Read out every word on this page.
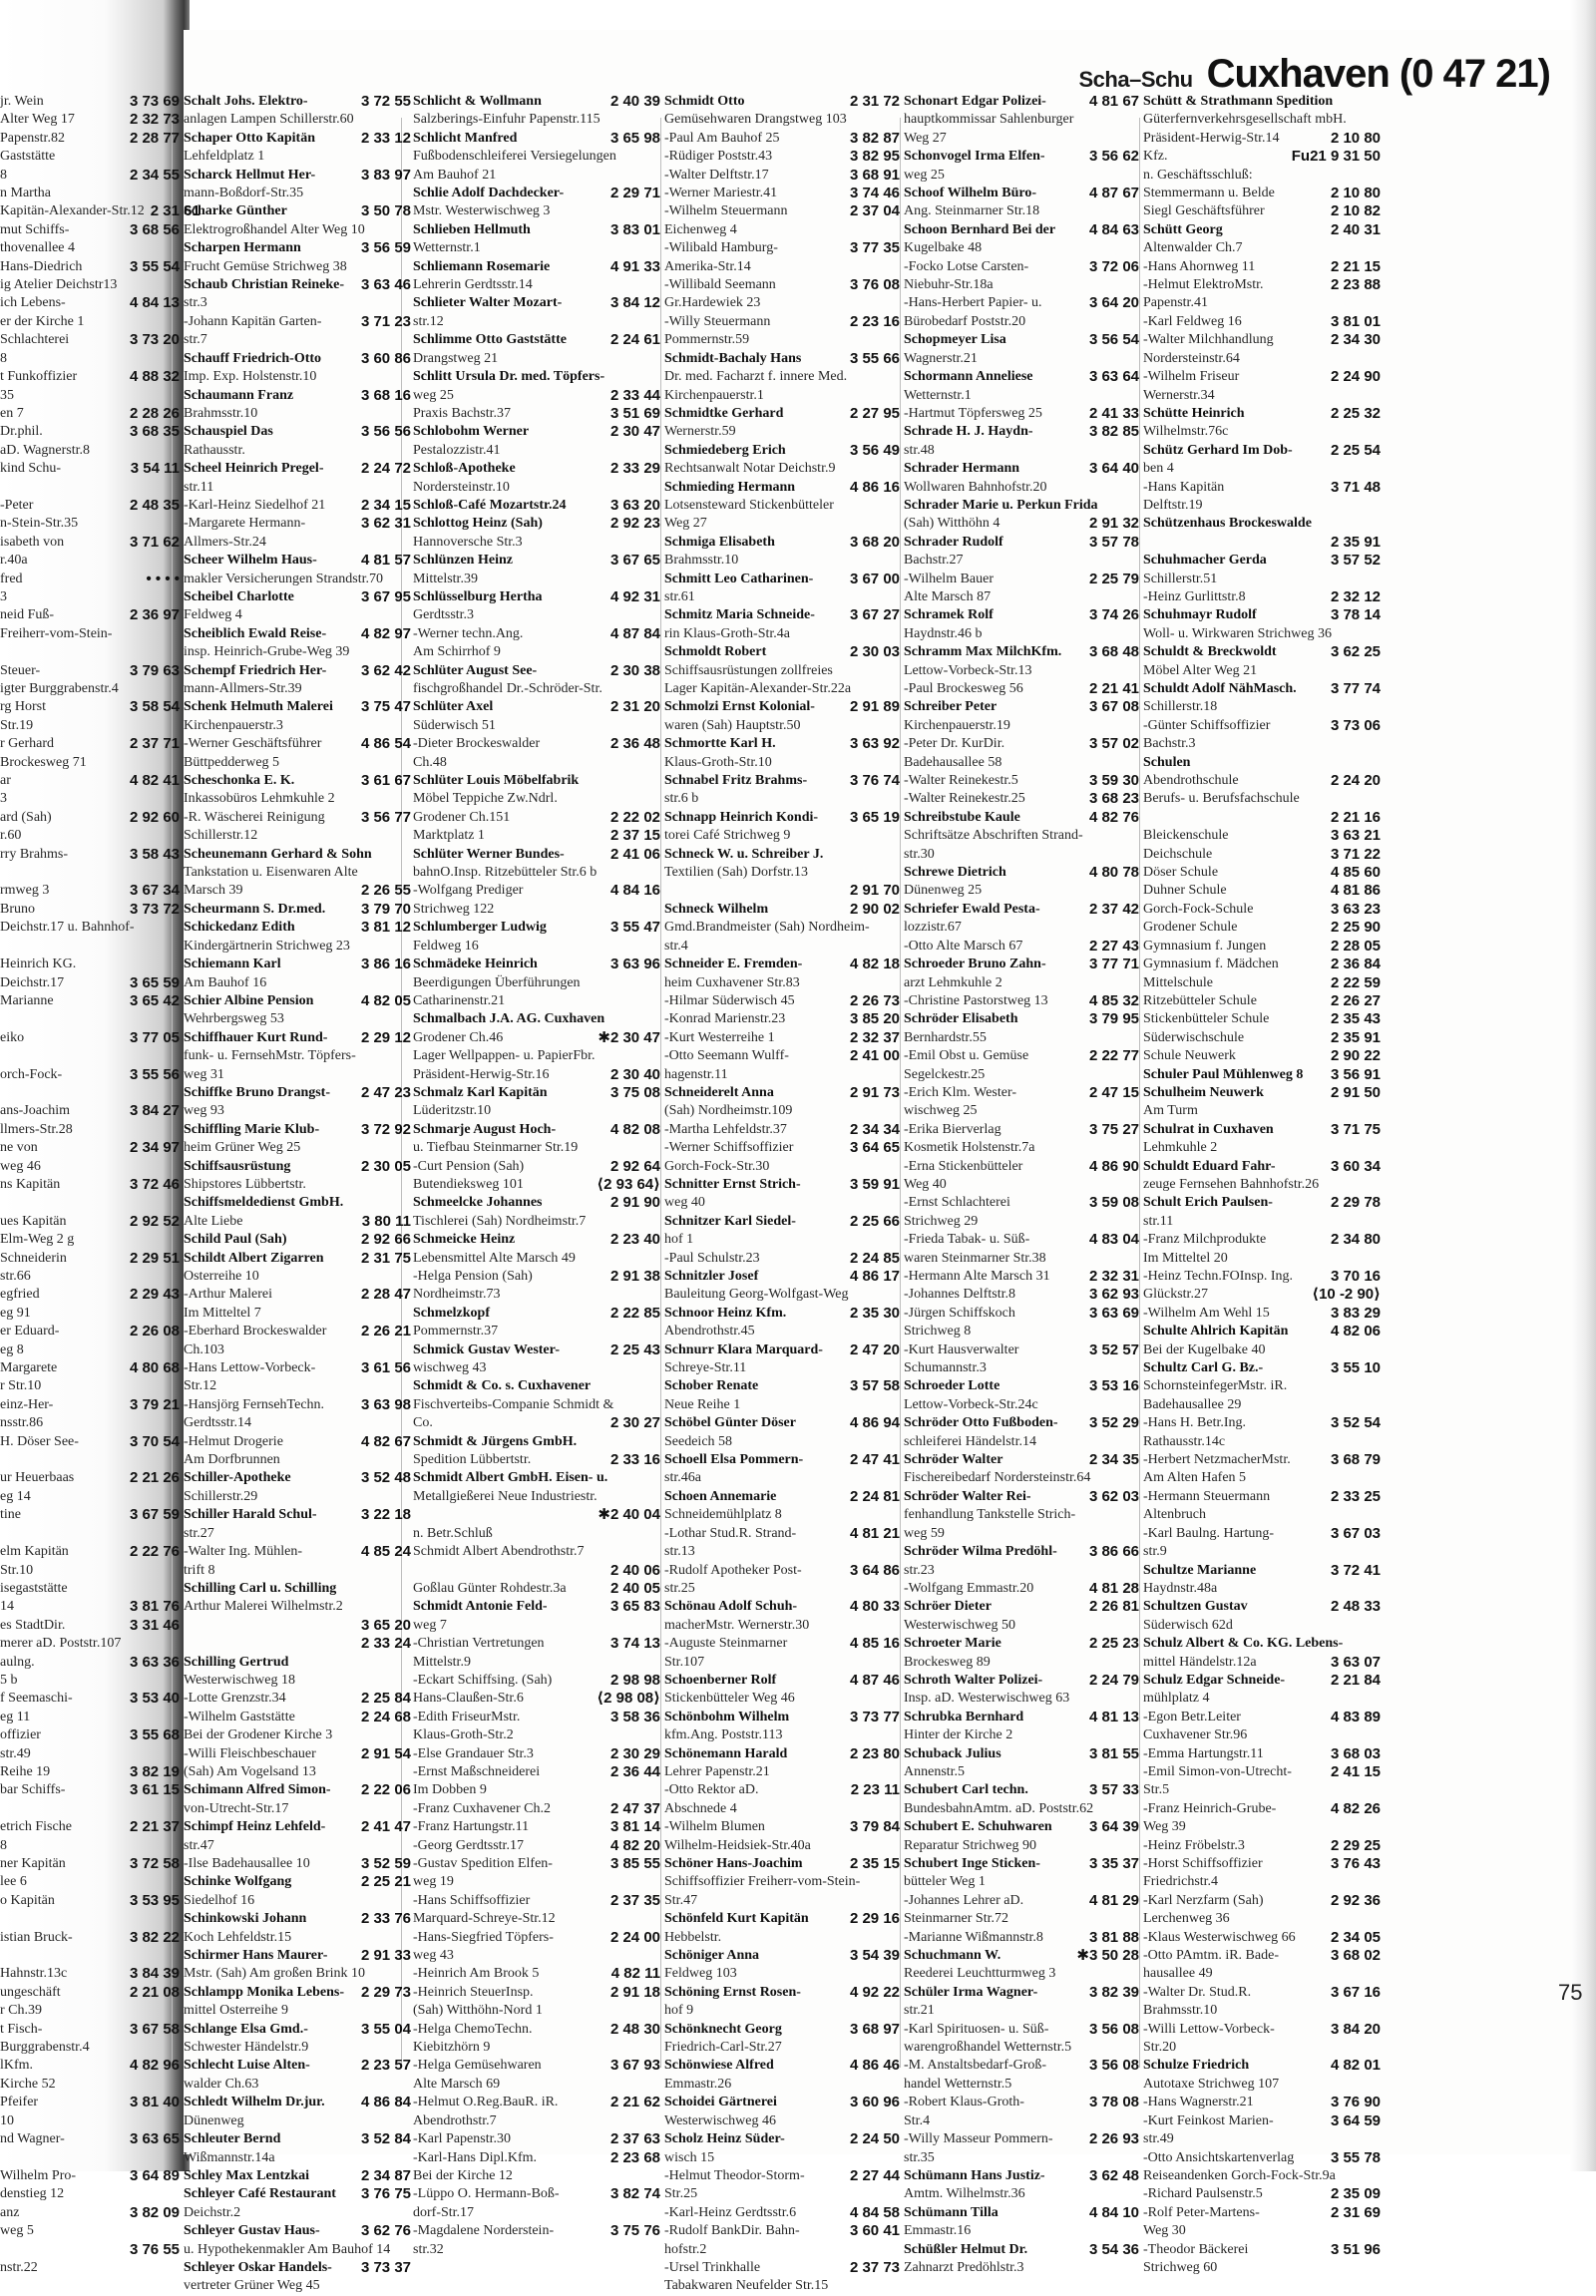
Scha–Schu Cuxhaven (0 47 21)
75
jr. Wein	3 73 69
Alter Weg 17	2 32 73
Papenstr.82	2 28 77
Gaststätte
8	2 34 55
n Martha
Kapitän-Alexander-Str.12 2 31 61
mut Schiffs-	3 68 56
thovenallee 4
Hans-Diedrich	3 55 54
ig Atelier Deichstr13
ich Lebens-	4 84 13
er der Kirche 1
Schlachterei	3 73 20
8
t Funkoffizier	4 88 32
35
en 7	2 28 26
Dr.phil.	3 68 35
aD. Wagnerstr.8
kind Schu-	3 54 11

-Peter	2 48 35
n-Stein-Str.35
isabeth von	3 71 62
r.40a
fred	• • • •
3
neid Fuß-	2 36 97
Freiherr-vom-Stein-

Steuer-	3 79 63
igter Burggrabenstr.4
rg Horst	3 58 54
Str.19
r Gerhard	2 37 71
Brockesweg 71
ar	4 82 41
3
ard (Sah)	2 92 60
r.60
rry Brahms-	3 58 43

rmweg 3	3 67 34
Bruno	3 73 72
Deichstr.17 u. Bahnhof-

Heinrich KG.
Deichstr.17	3 65 59
Marianne	3 65 42

eiko	3 77 05

orch-Fock-	3 55 56

ans-Joachim	3 84 27
llmers-Str.28
ne von	2 34 97
weg 46
ns Kapitän	3 72 46

ues Kapitän	2 92 52
Elm-Weg 2 g
Schneiderin	2 29 51
str.66
egfried	2 29 43
eg 91
er Eduard-	2 26 08
eg 8
Margarete	4 80 68
r Str.10
einz-Her-	3 79 21
nsstr.86
H. Döser See-	3 70 54

ur Heuerbaas	2 21 26
eg 14
tine	3 67 59

elm Kapitän	2 22 76
Str.10
isegaststätte
14	3 81 76
es StadtDir.	3 31 46
merer aD. Poststr.107
aulng.	3 63 36
5 b
f Seemaschi-	3 53 40
eg 11
offizier	3 55 68
str.49
Reihe 19	3 82 19
bar Schiffs-	3 61 15

etrich Fische	2 21 37
8
ner Kapitän	3 72 58
lee 6
o Kapitän	3 53 95

istian Bruck-	3 82 22

Hahnstr.13c	3 84 39
ungeschäft	2 21 08
r Ch.39
t Fisch-	3 67 58
Burggrabenstr.4
lKfm.	4 82 96
Kirche 52
Pfeifer	3 81 40
10
nd Wagner-	3 63 65

Wilhelm Pro-	3 64 89
denstieg 12
anz	3 82 09
weg 5

3 76 55
nstr.22
Schalt Johs. Elektro-	3 72 55
anlagen Lampen Schillerstr.60
Schaper Otto Kapitän	2 33 12
Lehfeldplatz 1
Scharck Hellmut Her-	3 83 97
mann-Boßdorf-Str.35
Scharke Günther	3 50 78
Elektrogroßhandel Alter Weg 10
Scharpen Hermann	3 56 59
Frucht Gemüse Strichweg 38
Schaub Christian Reineke-	3 63 46
str.3
-Johann Kapitän Garten-	3 71 23
str.7
Schauff Friedrich-Otto	3 60 86
Imp. Exp. Holstenstr.10
Schaumann Franz	3 68 16
Brahmsstr.10
Schauspiel Das	3 56 56
Rathausstr.
Scheel Heinrich Pregel-	2 24 72
str.11
-Karl-Heinz Siedelhof 21	2 34 15
-Margarete Hermann-	3 62 31
Allmers-Str.24
Scheer Wilhelm Haus-	4 81 57
makler Versicherungen Strandstr.70
Scheibel Charlotte	3 67 95
Feldweg 4
Scheiblich Ewald Reise-	4 82 97
insp. Heinrich-Grube-Weg 39
Schempf Friedrich Her-	3 62 42
mann-Allmers-Str.39
Schenk Helmuth Malerei	3 75 47
Kirchenpauerstr.3
-Werner Geschäftsführer	4 86 54
Büttpedderweg 5
Scheschonka E. K.	3 61 67
Inkassobüros Lehmkuhle 2
-R. Wäscherei Reinigung	3 56 77
Schillerstr.12
Scheunemann Gerhard & Sohn
Tankstation u. Eisenwaren Alte
Marsch 39	2 26 55
Scheurmann S. Dr.med.	3 79 70
Schickedanz Edith	3 81 12
Kindergärtnerin Strichweg 23
Schiemann Karl	3 86 16
Am Bauhof 16
Schier Albine Pension	4 82 05
Wehrbergsweg 53
Schiffhauer Kurt Rund-	2 29 12
funk- u. FernsehMstr. Töpfers-
weg 31
Schiffke Bruno Drangst-	2 47 23
weg 93
Schiffling Marie Klub-	3 72 92
heim Grüner Weg 25
Schiffsausrüstung	2 30 05
Shipstores Lübbertstr.
Schiffsmeldedienst GmbH.
Alte Liebe	3 80 11
Schild Paul (Sah)	2 92 66
Schildt Albert Zigarren	2 31 75
Osterreihe 10
-Arthur Malerei	2 28 47
Im Mitteltel 7
-Eberhard Brockeswalder	2 26 21
Ch.103
-Hans Lettow-Vorbeck-	3 61 56
Str.12
-Hansjörg FernsehTechn.	3 63 98
Gerdtsstr.14
-Helmut Drogerie	4 82 67
Am Dorfbrunnen
Schiller-Apotheke	3 52 48
Schillerstr.29
Schiller Harald Schul-	3 22 18
str.27
-Walter Ing. Mühlen-	4 85 24
trift 8
Schilling Carl u. Schilling
Arthur Malerei Wilhelmstr.2

3 65 20

2 33 24
Schilling Gertrud
Westerwischweg 18
-Lotte Grenzstr.34	2 25 84
-Wilhelm Gaststätte	2 24 68
Bei der Grodener Kirche 3
-Willi Fleischbeschauer	2 91 54
(Sah) Am Vogelsand 13
Schimann Alfred Simon-	2 22 06
von-Utrecht-Str.17
Schimpf Heinz Lehfeld-	2 41 47
str.47
-Ilse Badehausallee 10	3 52 59
Schinke Wolfgang	2 25 21
Siedelhof 16
Schinkowski Johann	2 33 76
Koch Lehfeldstr.15
Schirmer Hans Maurer-	2 91 33
Mstr. (Sah) Am großen Brink 10
Schlampp Monika Lebens-	2 29 73
mittel Osterreihe 9
Schlange Elsa Gmd.-	3 55 04
Schwester Händelstr.9
Schlecht Luise Alten-	2 23 57
walder Ch.63
Schledt Wilhelm Dr.jur.	4 86 84
Dünenweg
Schleuter Bernd	3 52 84
Wißmannstr.14a
Schley Max Lentzkai	2 34 87
Schleyer Café Restaurant	3 76 75
Deichstr.2
Schleyer Gustav Haus-	3 62 76
u. Hypothekenmakler Am Bauhof 14
Schleyer Oskar Handels-	3 73 37
vertreter Grüner Weg 45
Schlicht & Wollmann	2 40 39
Salzberings-Einfuhr Papenstr.115
Schlicht Manfred	3 65 98
Fußbodenschleiferei Versiegelungen
Am Bauhof 21
Schlie Adolf Dachdecker-	2 29 71
Mstr. Westerwischweg 3
Schlieben Hellmuth	3 83 01
Wetternstr.1
Schliemann Rosemarie	4 91 33
Lehrerin Gerdtsstr.14
Schlieter Walter Mozart-	3 84 12
str.12
Schlimme Otto Gaststätte	2 24 61
Drangstweg 21
Schlitt Ursula Dr. med. Töpfers-
weg 25	2 33 44
Praxis Bachstr.37	3 51 69
Schlobohm Werner	2 30 47
Pestalozzistr.41
Schloß-Apotheke	2 33 29
Nordersteinstr.10
Schloß-Café Mozartstr.24	3 63 20
Schlottog Heinz (Sah)	2 92 23
Hannoversche Str.3
Schlünzen Heinz	3 67 65
Mittelstr.39
Schlüsselburg Hertha	4 92 31
Gerdtsstr.3
-Werner techn.Ang.	4 87 84
Am Schirrhof 9
Schlüter August See-	2 30 38
fischgroßhandel Dr.-Schröder-Str.
Schlüter Axel	2 31 20
Süderwisch 51
-Dieter Brockeswalder	2 36 48
Ch.48
Schlüter Louis Möbelfabrik
Möbel Teppiche Zw.Ndrl.
Grodener Ch.151	2 22 02
Marktplatz 1	2 37 15
Schlüter Werner Bundes-	2 41 06
bahnO.Insp. Ritzebütteler Str.6 b
-Wolfgang Prediger	4 84 16
Strichweg 122
Schlumberger Ludwig	3 55 47
Feldweg 16
Schmädeke Heinrich	3 63 96
Beerdigungen Überführungen
Catharinenstr.21
Schmalbach J.A. AG. Cuxhaven
Grodener Ch.46	✱2 30 47
Lager Wellpappen- u. PapierFbr.
Präsident-Herwig-Str.16	2 30 40
Schmalz Karl Kapitän	3 75 08
Lüderitzstr.10
Schmarje August Hoch-	4 82 08
u. Tiefbau Steinmarner Str.19
-Curt Pension (Sah)	2 92 64
Butendieksweg 101	⟨2 93 64⟩
Schmeelcke Johannes	2 91 90
Tischlerei (Sah) Nordheimstr.7
Schmeicke Heinz	2 23 40
Lebensmittel Alte Marsch 49
-Helga Pension (Sah)	2 91 38
Nordheimstr.73
Schmelzkopf	2 22 85
Pommernstr.37
Schmick Gustav Wester-	2 25 43
wischweg 43
Schmidt & Co. s. Cuxhavener
Fischverteibs-Companie Schmidt &
Co.	2 30 27
Schmidt & Jürgens GmbH.
Spedition Lübbertstr.	2 33 16
Schmidt Albert GmbH. Eisen- u.
Metallgießerei Neue Industriestr.

✱2 40 04
n. Betr.Schluß
Schmidt Albert Abendrothstr.7

2 40 06
Goßlau Günter Rohdestr.3a	2 40 05
Schmidt Antonie Feld-	3 65 83
weg 7
-Christian Vertretungen	3 74 13
Mittelstr.9
-Eckart Schiffsing. (Sah)	2 98 98
Hans-Claußen-Str.6	⟨2 98 08⟩
-Edith FriseurMstr.	3 58 36
Klaus-Groth-Str.2
-Else Grandauer Str.3	2 30 29
-Ernst Maßschneiderei	2 36 44
Im Dobben 9
-Franz Cuxhavener Ch.2	2 47 37
-Franz Hartungstr.11	3 81 14
-Georg Gerdtsstr.17	4 82 20
-Gustav Spedition Elfen-	3 85 55
weg 19
-Hans Schiffsoffizier	2 37 35
Marquard-Schreye-Str.12
-Hans-Siegfried Töpfers-	2 24 00
weg 43
-Heinrich Am Brook 5	4 82 11
-Heinrich SteuerInsp.	2 91 18
(Sah) Witthöhn-Nord 1
-Helga ChemoTechn.	2 48 30
Kiebitzhörn 9
-Helga Gemüsehwaren	3 67 93
Alte Marsch 69
-Helmut O.Reg.BauR. iR.	2 21 62
Abendrothstr.7
-Karl Papenstr.30	2 37 63
-Karl-Hans Dipl.Kfm.	2 23 68
Bei der Kirche 12
-Lüppo O. Hermann-Boß-	3 82 74
dorf-Str.17
-Magdalene Norderstein-	3 75 76
str.32
Schmidt Otto	2 31 72
Gemüsehwaren Drangstweg 103
-Paul Am Bauhof 25	3 82 87
-Rüdiger Poststr.43	3 82 95
-Walter Delftstr.17	3 68 91
-Werner Mariestr.41	3 74 46
-Wilhelm Steuermann	2 37 04
Eichenweg 4
-Wilibald Hamburg-	3 77 35
Amerika-Str.14
-Willibald Seemann	3 76 08
Gr.Hardewiek 23
-Willy Steuermann	2 23 16
Pommernstr.59
Schmidt-Bachaly Hans	3 55 66
Dr. med. Facharzt f. innere Med.
Kirchenpauerstr.1
Schmidtke Gerhard	2 27 95
Wernerstr.59
Schmiedeberg Erich	3 56 49
Rechtsanwalt Notar Deichstr.9
Schmieding Hermann	4 86 16
Lotsensteward Stickenbütteler
Weg 27
Schmiga Elisabeth	3 68 20
Brahmsstr.10
Schmitt Leo Catharinen-	3 67 00
str.61
Schmitz Maria Schneide-	3 67 27
rin Klaus-Groth-Str.4a
Schmoldt Robert	2 30 03
Schiffsausrüstungen zollfreies
Lager Kapitän-Alexander-Str.22a
Schmolzi Ernst Kolonial-	2 91 89
waren (Sah) Hauptstr.50
Schmortte Karl H.	3 63 92
Klaus-Groth-Str.10
Schnabel Fritz Brahms-	3 76 74
str.6 b
Schnapp Heinrich Kondi-	3 65 19
torei Café Strichweg 9
Schneck W. u. Schreiber J.
Textilien (Sah) Dorfstr.13

2 91 70
Schneck Wilhelm	2 90 02
Gmd.Brandmeister (Sah) Nordheim-
str.4
Schneider E. Fremden-	4 82 18
heim Cuxhavener Str.83
-Hilmar Süderwisch 45	2 26 73
-Konrad Marienstr.23	3 85 20
-Kurt Westerreihe 1	2 32 37
-Otto Seemann Wulff-	2 41 00
hagenstr.11
Schneiderelt Anna	2 91 73
(Sah) Nordheimstr.109
-Martha Lehfeldstr.37	2 34 34
-Werner Schiffsoffizier	3 64 65
Gorch-Fock-Str.30
Schnitter Ernst Strich-	3 59 91
weg 40
Schnitzer Karl Siedel-	2 25 66
hof 1
-Paul Schulstr.23	2 24 85
Schnitzler Josef	4 86 17
Bauleitung Georg-Wolfgast-Weg
Schnoor Heinz Kfm.	2 35 30
Abendrothstr.45
Schnurr Klara Marquard-	2 47 20
Schreye-Str.11
Schober Renate	3 57 58
Neue Reihe 1
Schöbel Günter Döser	4 86 94
Seedeich 58
Schoell Elsa Pommern-	2 47 41
str.46a
Schoen Annemarie	2 24 81
Schneidemühlplatz 8
-Lothar Stud.R. Strand-	4 81 21
str.13
-Rudolf Apotheker Post-	3 64 86
str.25
Schönau Adolf Schuh-	4 80 33
macherMstr. Wernerstr.30
-Auguste Steinmarner	4 85 16
Str.107
Schoenberner Rolf	4 87 46
Stickenbütteler Weg 46
Schönbohm Wilhelm	3 73 77
kfm.Ang. Poststr.113
Schönemann Harald	2 23 80
Lehrer Papenstr.21
-Otto Rektor aD.	2 23 11
Abschnede 4
-Wilhelm Blumen	3 79 84
Wilhelm-Heidsiek-Str.40a
Schöner Hans-Joachim	2 35 15
Schiffsoffizier Freiherr-vom-Stein-
Str.47
Schönfeld Kurt Kapitän	2 29 16
Hebbelstr.
Schöniger Anna	3 54 39
Feldweg 103
Schöning Ernst Rosen-	4 92 22
hof 9
Schönknecht Georg	3 68 97
Friedrich-Carl-Str.27
Schönwiese Alfred	4 86 46
Emmastr.26
Schoidei Gärtnerei	3 60 96
Westerwischweg 46
Scholz Heinz Süder-	2 24 50
wisch 15
-Helmut Theodor-Storm-	2 27 44
Str.25
-Karl-Heinz Gerdtsstr.6	4 84 58
-Rudolf BankDir. Bahn-	3 60 41
hofstr.2
-Ursel Trinkhalle	2 37 73
Tabakwaren Neufelder Str.15
Schonart Edgar Polizei-	4 81 67
hauptkommissar Sahlenburger
Weg 27
Schonvogel Irma Elfen-	3 56 62
weg 25
Schoof Wilhelm Büro-	4 87 67
Ang. Steinmarner Str.18
Schoon Bernhard Bei der	4 84 63
Kugelbake 48
-Focko Lotse Carsten-	3 72 06
Niebuhr-Str.18a
-Hans-Herbert Papier- u.	3 64 20
Bürobedarf Poststr.20
Schopmeyer Lisa	3 56 54
Wagnerstr.21
Schormann Anneliese	3 63 64
Wetternstr.1
-Hartmut Töpfersweg 25	2 41 33
Schrade H. J. Haydn-	3 82 85
str.48
Schrader Hermann	3 64 40
Wollwaren Bahnhofstr.20
Schrader Marie u. Perkun Frida
(Sah) Witthöhn 4	2 91 32
Schrader Rudolf	3 57 78
Bachstr.27
-Wilhelm Bauer	2 25 79
Alte Marsch 87
Schramek Rolf	3 74 26
Haydnstr.46 b
Schramm Max MilchKfm.	3 68 48
Lettow-Vorbeck-Str.13
-Paul Brockesweg 56	2 21 41
Schreiber Peter	3 67 08
Kirchenpauerstr.19
-Peter Dr. KurDir.	3 57 02
Badehausallee 58
-Walter Reinekestr.5	3 59 30
-Walter Reinekestr.25	3 68 23
Schreibstube Kaule	4 82 76
Schriftsätze Abschriften Strand-
str.30
Schrewe Dietrich	4 80 78
Dünenweg 25
Schriefer Ewald Pesta-	2 37 42
lozzistr.67
-Otto Alte Marsch 67	2 27 43
Schroeder Bruno Zahn-	3 77 71
arzt Lehmkuhle 2
-Christine Pastorstweg 13	4 85 32
Schröder Elisabeth	3 79 95
Bernhardstr.55
-Emil Obst u. Gemüse	2 22 77
Segelckestr.25
-Erich Klm. Wester-	2 47 15
wischweg 25
-Erika Bierverlag	3 75 27
Kosmetik Holstenstr.7a
-Erna Stickenbütteler	4 86 90
Weg 40
-Ernst Schlachterei	3 59 08
Strichweg 29
-Frieda Tabak- u. Süß-	4 83 04
waren Steinmarner Str.38
-Hermann Alte Marsch 31	2 32 31
-Johannes Delftstr.8	3 62 93
-Jürgen Schiffskoch	3 63 69
Strichweg 8
-Kurt Hausverwalter	3 52 57
Schumannstr.3
Schroeder Lotte	3 53 16
Lettow-Vorbeck-Str.24c
Schröder Otto Fußboden-	3 52 29
schleiferei Händelstr.14
Schröder Walter	2 34 35
Fischereibedarf Nordersteinstr.64
Schröder Walter Rei-	3 62 03
fenhandlung Tankstelle Strich-
weg 59
Schröder Wilma Predöhl-	3 86 66
str.23
-Wolfgang Emmastr.20	4 81 28
Schröer Dieter	2 26 81
Westerwischweg 50
Schroeter Marie	2 25 23
Brockesweg 89
Schroth Walter Polizei-	2 24 79
Insp. aD. Westerwischweg 63
Schrubka Bernhard	4 81 13
Hinter der Kirche 2
Schuback Julius	3 81 55
Annenstr.5
Schubert Carl techn.	3 57 33
BundesbahnAmtm. aD. Poststr.62
Schubert E. Schuhwaren	3 64 39
Reparatur Strichweg 90
Schubert Inge Sticken-	3 35 37
bütteler Weg 1
-Johannes Lehrer aD.	4 81 29
Steinmarner Str.72
-Marianne Wißmannstr.8	3 81 88
Schuchmann W.	✱3 50 28
Reederei Leuchtturmweg 3
Schüler Irma Wagner-	3 82 39
str.21
-Karl Spirituosen- u. Süß-	3 56 08
warengroßhandel Wetternstr.5
-M. Anstaltsbedarf-Groß-	3 56 08
handel Wetternstr.5
-Robert Klaus-Groth-	3 78 08
Str.4
-Willy Masseur Pommern-	2 26 93
str.35
Schümann Hans Justiz-	3 62 48
Amtm. Wilhelmstr.36
Schümann Tilla	4 84 10
Emmastr.16
Schüßler Helmut Dr.	3 54 36
Zahnarzt Predöhlstr.3
Schütt & Strathmann Spedition
Güterfernverkehrsgesellschaft mbH.
Präsident-Herwig-Str.14	2 10 80
Kfz.	Fu21 9 31 50
n. Geschäftsschluß:
Stemmermann u. Belde	2 10 80
Siegl Geschäftsführer	2 10 82
Schütt Georg	2 40 31
Altenwalder Ch.7
-Hans Ahornweg 11	2 21 15
-Helmut ElektroMstr.	2 23 88
Papenstr.41
-Karl Feldweg 16	3 81 01
-Walter Milchhandlung	2 34 30
Nordersteinstr.64
-Wilhelm Friseur	2 24 90
Wernerstr.34
Schütte Heinrich	2 25 32
Wilhelmstr.76c
Schütz Gerhard Im Dob-	2 25 54
ben 4
-Hans Kapitän	3 71 48
Delftstr.19
Schützenhaus Brockeswalde

2 35 91
Schuhmacher Gerda	3 57 52
Schillerstr.51
-Heinz Gurlittstr.8	2 32 12
Schuhmayr Rudolf	3 78 14
Woll- u. Wirkwaren Strichweg 36
Schuldt & Breckwoldt	3 62 25
Möbel Alter Weg 21
Schuldt Adolf NähMasch.	3 77 74
Schillerstr.18
-Günter Schiffsoffizier	3 73 06
Bachstr.3
Schulen
Abendrothschule	2 24 20
Berufs- u. Berufsfachschule

2 21 16
Bleickenschule	3 63 21
Deichschule	3 71 22
Döser Schule	4 85 60
Duhner Schule	4 81 86
Gorch-Fock-Schule	3 63 23
Grodener Schule	2 25 90
Gymnasium f. Jungen	2 28 05
Gymnasium f. Mädchen	2 36 84
Mittelschule	2 22 59
Ritzebütteler Schule	2 26 27
Stickenbütteler Schule	2 35 43
Süderwischschule	2 35 91
Schule Neuwerk	2 90 22
Schuler Paul Mühlenweg 8	3 56 91
Schulheim Neuwerk	2 91 50
Am Turm
Schulrat in Cuxhaven	3 71 75
Lehmkuhle 2
Schuldt Eduard Fahr-	3 60 34
zeuge Fernsehen Bahnhofstr.26
Schult Erich Paulsen-	2 29 78
str.11
-Franz Milchprodukte	2 34 80
Im Mitteltel 20
-Heinz Techn.FOInsp. Ing.	3 70 16
Glückstr.27	⟨10 -2 90⟩
-Wilhelm Am Wehl 15	3 83 29
Schulte Ahlrich Kapitän	4 82 06
Bei der Kugelbake 40
Schultz Carl G. Bz.-	3 55 10
SchornsteinfegerMstr. iR.
Badehausallee 29
-Hans H. Betr.Ing.	3 52 54
Rathausstr.14c
-Herbert NetzmacherMstr.	3 68 79
Am Alten Hafen 5
-Hermann Steuermann	2 33 25
Altenbruch
-Karl Baulng. Hartung-	3 67 03
str.9
Schultze Marianne	3 72 41
Haydnstr.48a
Schultzen Gustav	2 48 33
Süderwisch 62d
Schulz Albert & Co. KG. Lebens-
mittel Händelstr.12a	3 63 07
Schulz Edgar Schneide-	2 21 84
mühlplatz 4
-Egon Betr.Leiter	4 83 89
Cuxhavener Str.96
-Emma Hartungstr.11	3 68 03
-Emil Simon-von-Utrecht-	2 41 15
Str.5
-Franz Heinrich-Grube-	4 82 26
Weg 39
-Heinz Fröbelstr.3	2 29 25
-Horst Schiffsoffizier	3 76 43
Friedrichstr.4
-Karl Nerzfarm (Sah)	2 92 36
Lerchenweg 36
-Klaus Westerwischweg 66	2 34 05
-Otto PAmtm. iR. Bade-	3 68 02
hausallee 49
-Walter Dr. Stud.R.	3 67 16
Brahmsstr.10
-Willi Lettow-Vorbeck-	3 84 20
Str.20
Schulze Friedrich	4 82 01
Autotaxe Strichweg 107
-Hans Wagnerstr.21	3 76 90
-Kurt Feinkost Marien-	3 64 59
str.49
-Otto Ansichtskartenverlag	3 55 78
Reiseandenken Gorch-Fock-Str.9a
-Richard Paulsenstr.5	2 35 09
-Rolf Peter-Martens-	2 31 69
Weg 30
-Theodor Bäckerei	3 51 96
Strichweg 60
